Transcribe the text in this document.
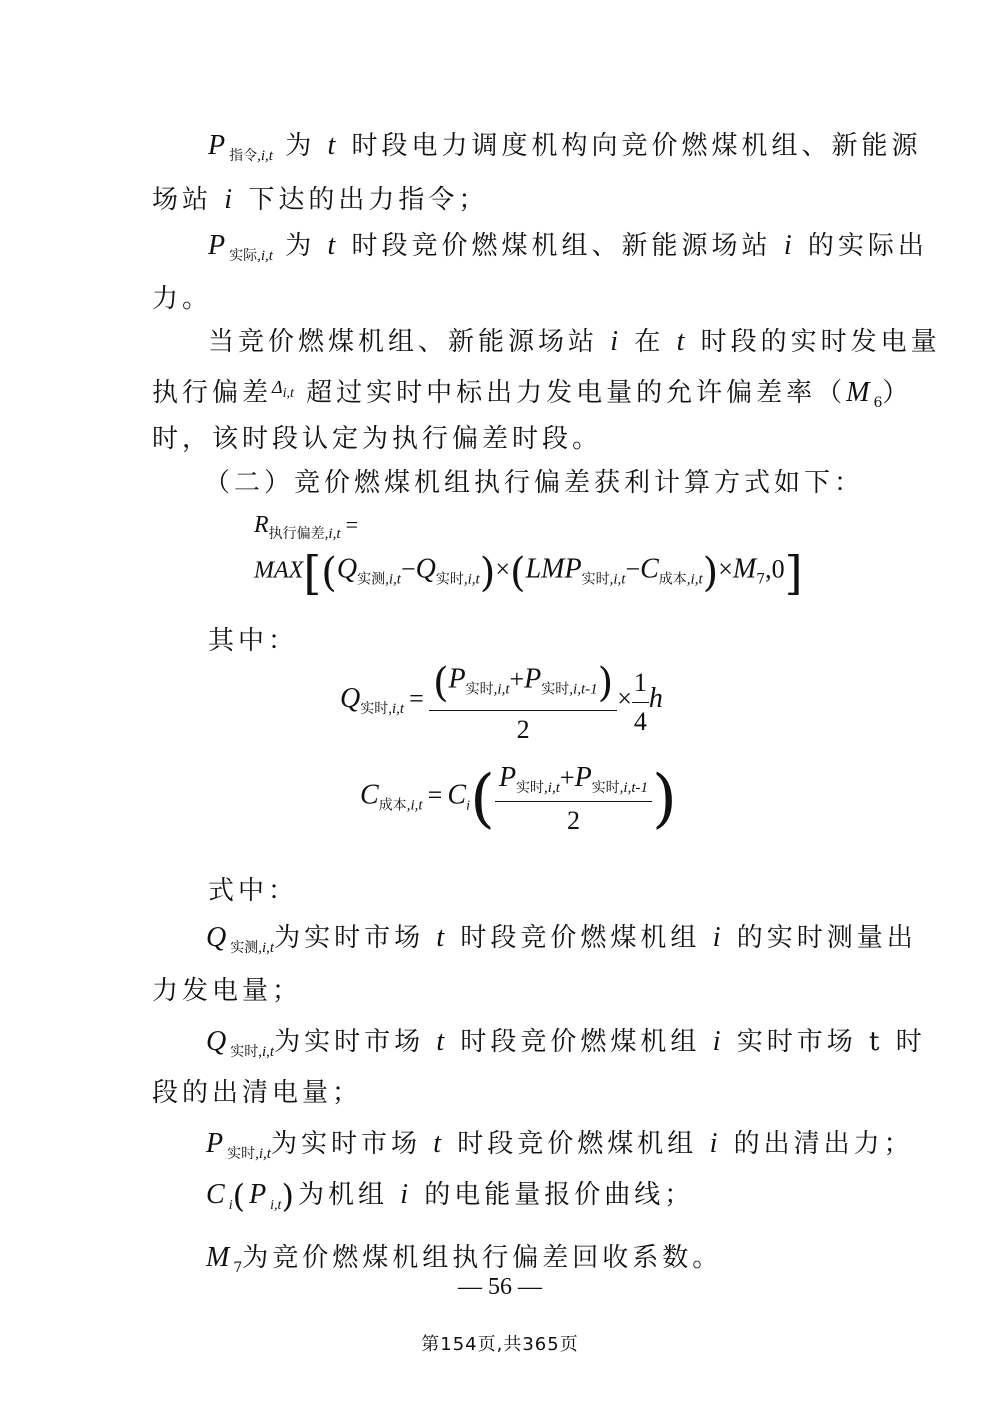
$P_{指令,i,t}$ 为 t 时段电力调度机构向竞价燃煤机组、新能源
场站 i 下达的出力指令；
$P_{实际,i,t}$ 为 t 时段竞价燃煤机组、新能源场站 i 的实际出
力。
当竞价燃煤机组、新能源场站 i 在 t 时段的实时发电量
执行偏差$^\Delta$i,t 超过实时中标出力发电量的允许偏差率$(M_6)$
时，该时段认定为执行偏差时段。
（二）竞价燃煤机组执行偏差获利计算方式如下：
$R_{执行偏差,i,t}$ =
$MAX[(Q_{实测,i,t}-Q_{实时,i,t})\times(LMP_{实时,i,t}-C_{成本,i,t})\times M7,0]$
其中：
$Q_{实时,i,t} = \frac{(P_{实时,i,t}+P_{实时,i,t-1})}{2} \times \frac{1}{4}$ h
$C_{成本,i,t} = C_i( \frac{P_{实时,i,t}+P_{实时,i,t-1}}{2}$ )
式中：
$Q_{实测,i,t}$为实时市场 t 时段竞价燃煤机组 i 的实时测量出
力发电量；
$Q_{实时,i,t}$为实时市场 t 时段竞价燃煤机组 i 实时市场 t 时
段的出清电量；
$P_{实时,i,t}$为实时市场 t 时段竞价燃煤机组 i 的出清出力；
$C_i(P_{i,t})$为机组 i 的电能量报价曲线；
$M_7$为竞价燃煤机组执行偏差回收系数。
— 56 —
第154页,共365页
